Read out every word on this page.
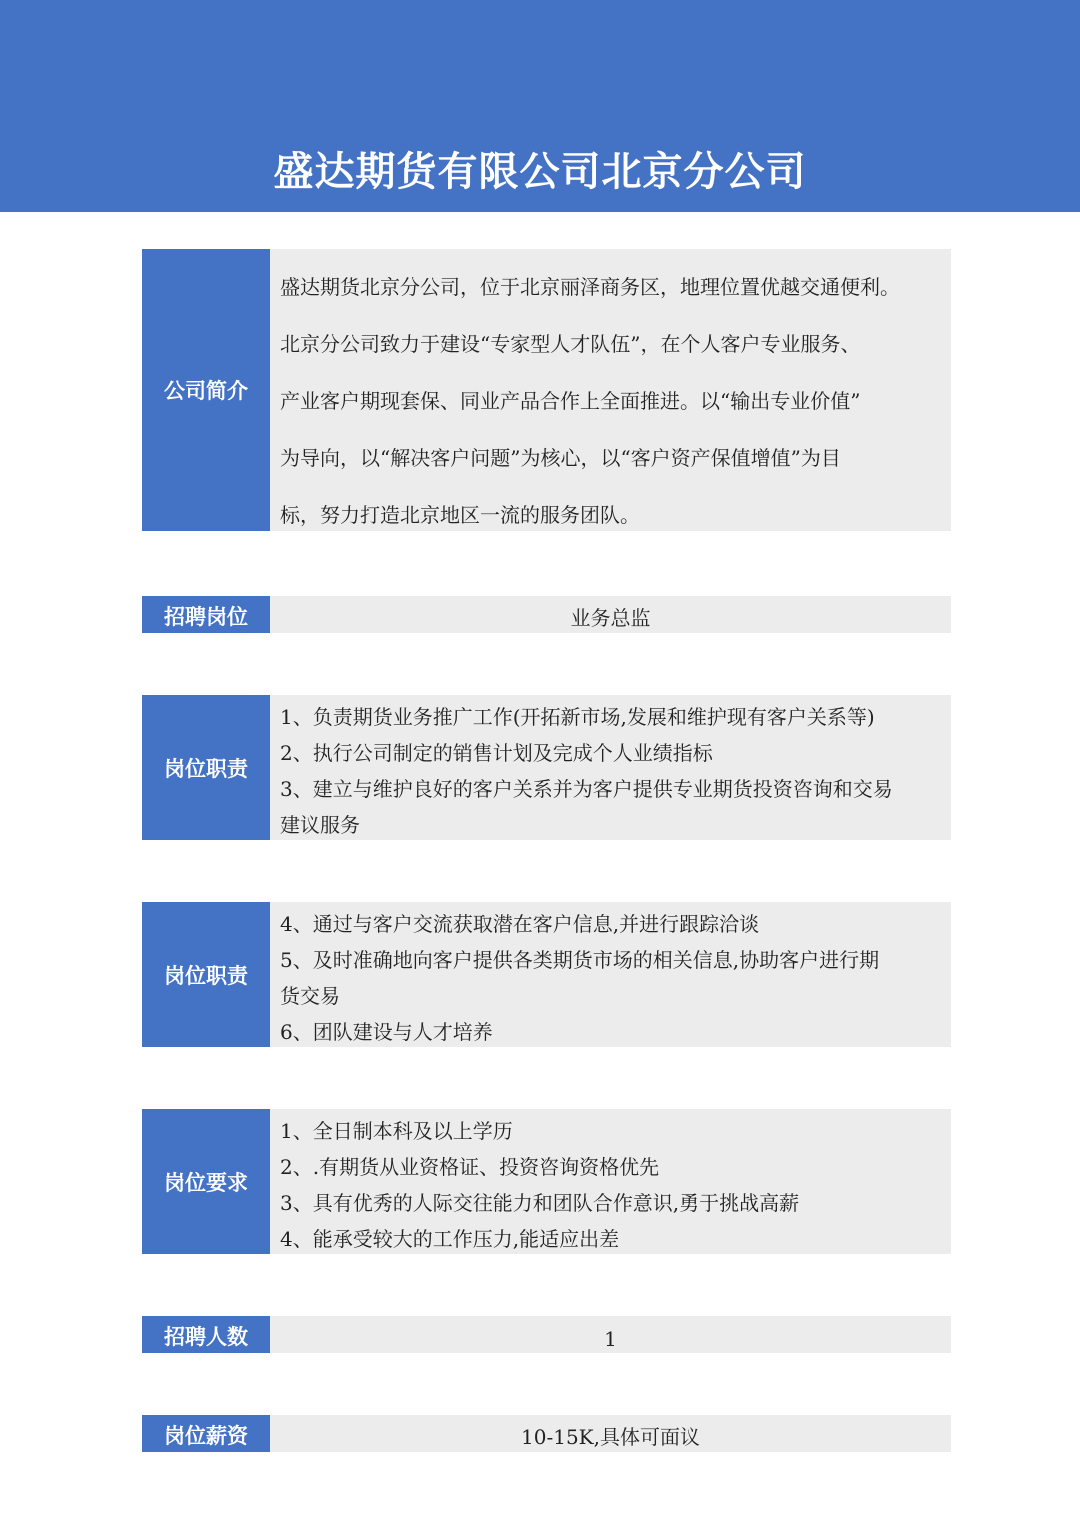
盛达期货有限公司北京分公司
公司简介
盛达期货北京分公司，位于北京丽泽商务区，地理位置优越交通便利。
北京分公司致力于建设“专家型人才队伍”，在个人客户专业服务、
产业客户期现套保、同业产品合作上全面推进。以“输出专业价值”
为导向，以“解决客户问题”为核心，以“客户资产保值增值”为目
标，努力打造北京地区一流的服务团队。
招聘岗位	业务总监
岗位职责
1、负责期货业务推广工作(开拓新市场,发展和维护现有客户关系等)
2、执行公司制定的销售计划及完成个人业绩指标
3、建立与维护良好的客户关系并为客户提供专业期货投资咨询和交易
建议服务
岗位职责
4、通过与客户交流获取潜在客户信息,并进行跟踪洽谈
5、及时准确地向客户提供各类期货市场的相关信息,协助客户进行期
货交易
6、团队建设与人才培养
岗位要求
1、全日制本科及以上学历
2、.有期货从业资格证、投资咨询资格优先
3、具有优秀的人际交往能力和团队合作意识,勇于挑战高薪
4、能承受较大的工作压力,能适应出差
招聘人数	1
岗位薪资	10-15K,具体可面议
